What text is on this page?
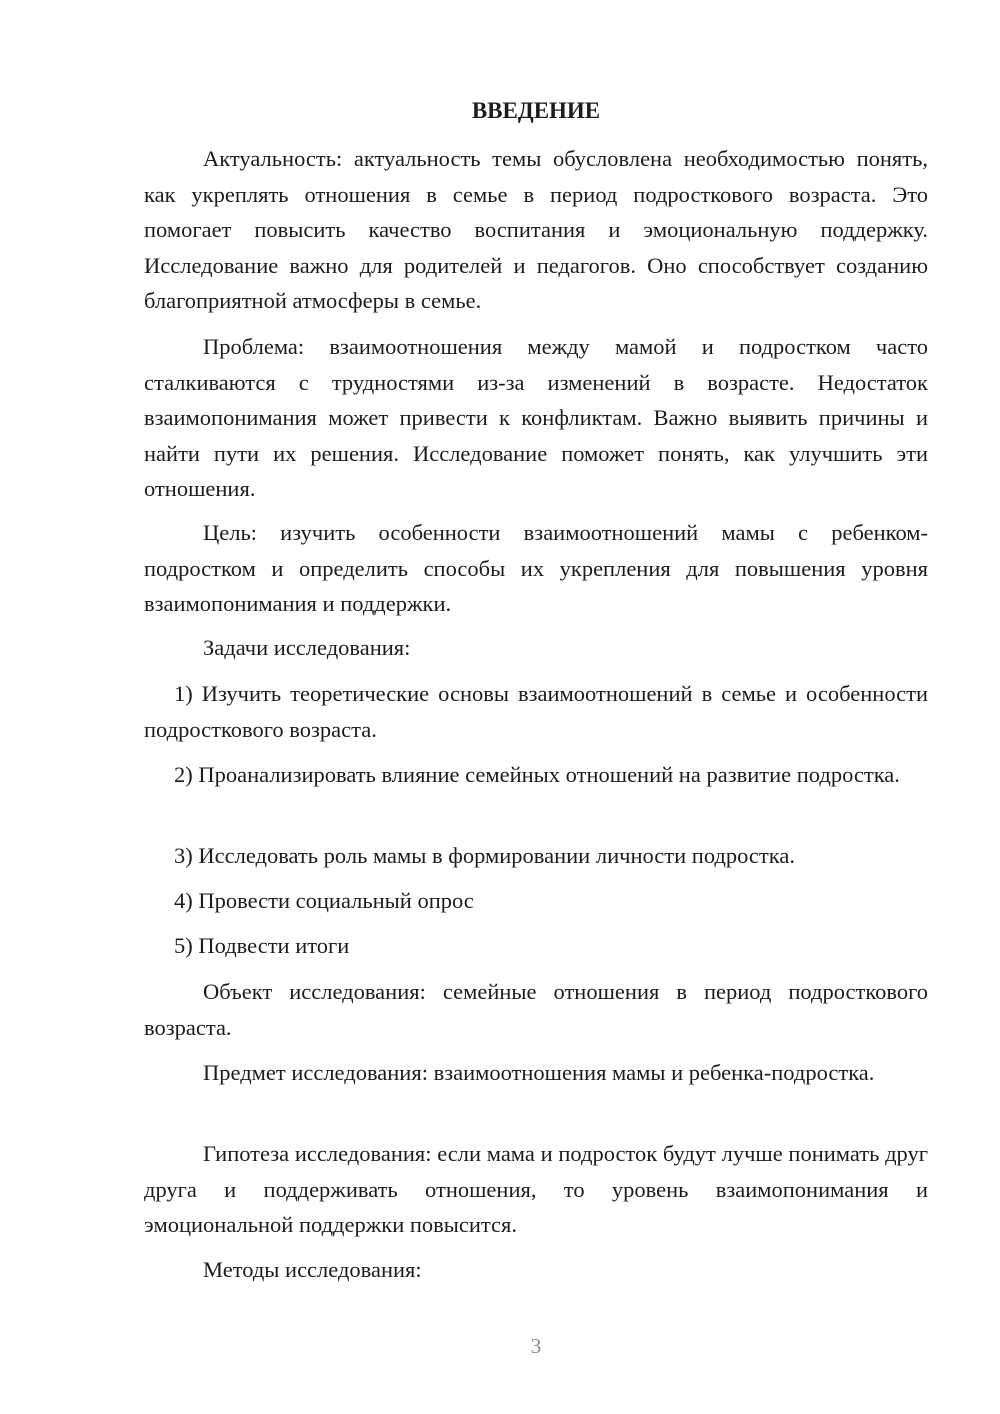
ВВЕДЕНИЕ

Актуальность: актуальность темы обусловлена необходимостью понять, как укреплять отношения в семье в период подросткового возраста. Это помогает повысить качество воспитания и эмоциональную поддержку. Исследование важно для родителей и педагогов. Оно способствует созданию благоприятной атмосферы в семье.

Проблема: взаимоотношения между мамой и подростком часто сталкиваются с трудностями из-за изменений в возрасте. Недостаток взаимопонимания может привести к конфликтам. Важно выявить причины и найти пути их решения. Исследование поможет понять, как улучшить эти отношения.

Цель: изучить особенности взаимоотношений мамы с ребенком-подростком и определить способы их укрепления для повышения уровня взаимопонимания и поддержки.

Задачи исследования:

1) Изучить теоретические основы взаимоотношений в семье и особенности подросткового возраста.

2) Проанализировать влияние семейных отношений на развитие подростка.

3) Исследовать роль мамы в формировании личности подростка.

4) Провести социальный опрос

5) Подвести итоги

Объект исследования: семейные отношения в период подросткового возраста.

Предмет исследования: взаимоотношения мамы и ребенка-подростка.

Гипотеза исследования: если мама и подросток будут лучше понимать друг друга и поддерживать отношения, то уровень взаимопонимания и эмоциональной поддержки повысится.

Методы исследования:

3
